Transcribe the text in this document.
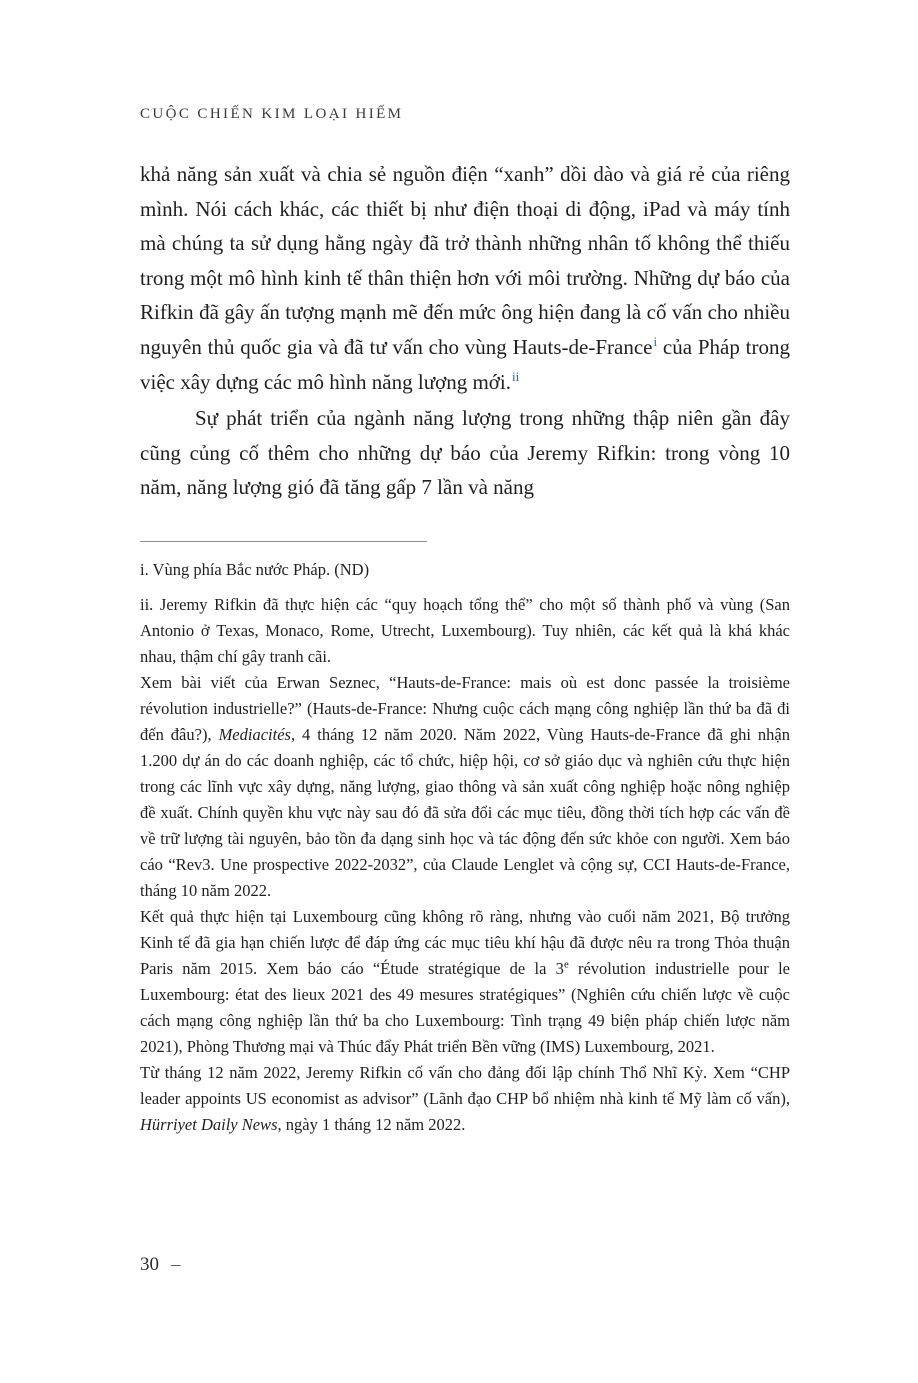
CUỘC CHIẾN KIM LOẠI HIẾM

khả năng sản xuất và chia sẻ nguồn điện “xanh” dồi dào và giá rẻ của riêng mình. Nói cách khác, các thiết bị như điện thoại di động, iPad và máy tính mà chúng ta sử dụng hằng ngày đã trở thành những nhân tố không thể thiếu trong một mô hình kinh tế thân thiện hơn với môi trường. Những dự báo của Rifkin đã gây ấn tượng mạnh mẽ đến mức ông hiện đang là cố vấn cho nhiều nguyên thủ quốc gia và đã tư vấn cho vùng Hauts-de-France$^i$ của Pháp trong việc xây dựng các mô hình năng lượng mới.$^{ii}$

Sự phát triển của ngành năng lượng trong những thập niên gần đây cũng củng cố thêm cho những dự báo của Jeremy Rifkin: trong vòng 10 năm, năng lượng gió đã tăng gấp 7 lần và năng

i. Vùng phía Bắc nước Pháp. (ND)

ii. Jeremy Rifkin đã thực hiện các “quy hoạch tổng thể” cho một số thành phố và vùng (San Antonio ở Texas, Monaco, Rome, Utrecht, Luxembourg). Tuy nhiên, các kết quả là khá khác nhau, thậm chí gây tranh cãi.

Xem bài viết của Erwan Seznec, “Hauts-de-France: mais où est donc passée la troisième révolution industrielle?” (Hauts-de-France: Nhưng cuộc cách mạng công nghiệp lần thứ ba đã đi đến đâu?), Mediacités, 4 tháng 12 năm 2020. Năm 2022, Vùng Hauts-de-France đã ghi nhận 1.200 dự án do các doanh nghiệp, các tổ chức, hiệp hội, cơ sở giáo dục và nghiên cứu thực hiện trong các lĩnh vực xây dựng, năng lượng, giao thông và sản xuất công nghiệp hoặc nông nghiệp đề xuất. Chính quyền khu vực này sau đó đã sửa đổi các mục tiêu, đồng thời tích hợp các vấn đề về trữ lượng tài nguyên, bảo tồn đa dạng sinh học và tác động đến sức khỏe con người. Xem báo cáo “Rev3. Une prospective 2022-2032”, của Claude Lenglet và cộng sự, CCI Hauts-de-France, tháng 10 năm 2022.

Kết quả thực hiện tại Luxembourg cũng không rõ ràng, nhưng vào cuối năm 2021, Bộ trưởng Kinh tế đã gia hạn chiến lược để đáp ứng các mục tiêu khí hậu đã được nêu ra trong Thỏa thuận Paris năm 2015. Xem báo cáo “Étude stratégique de la 3e révolution industrielle pour le Luxembourg: état des lieux 2021 des 49 mesures stratégiques” (Nghiên cứu chiến lược về cuộc cách mạng công nghiệp lần thứ ba cho Luxembourg: Tình trạng 49 biện pháp chiến lược năm 2021), Phòng Thương mại và Thúc đẩy Phát triển Bền vững (IMS) Luxembourg, 2021.

Từ tháng 12 năm 2022, Jeremy Rifkin cố vấn cho đảng đối lập chính Thổ Nhĩ Kỳ. Xem “CHP leader appoints US economist as advisor” (Lãnh đạo CHP bổ nhiệm nhà kinh tế Mỹ làm cố vấn), Hürriyet Daily News, ngày 1 tháng 12 năm 2022.

30 –
